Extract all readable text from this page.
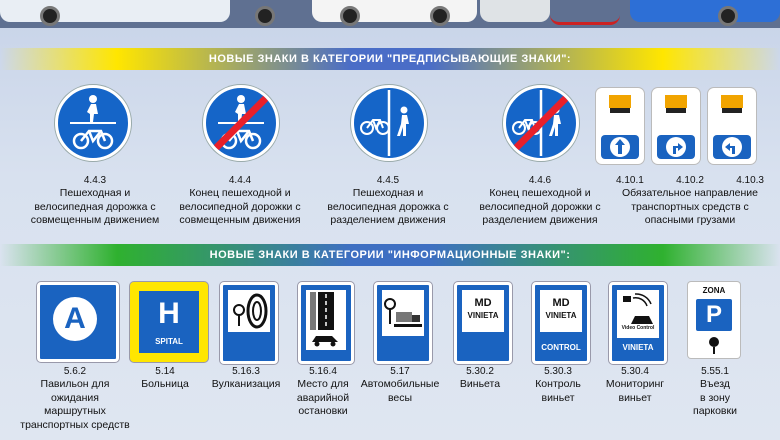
НОВЫЕ ЗНАКИ В КАТЕГОРИИ "ПРЕДПИСЫВАЮЩИЕ ЗНАКИ":
НОВЫЕ ЗНАКИ В КАТЕГОРИИ "ИНФОРМАЦИОННЫЕ ЗНАКИ":
4.4.3
Пешеходная и
велосипедная дорожка с
совмещенным движением
4.4.4
Конец пешеходной и
велосипедной дорожки с
совмещенным движения
4.4.5
Пешеходная и
велосипедная дорожка с
разделением движения
4.4.6
Конец пешеходной и
велосипедной дорожки с
разделением движения
4.10.1	4.10.2	4.10.3
Обязательное направление
транспортных средств с
опасными грузами
A
5.6.2
Павильон для
ожидания маршрутных
транспортных средств
H
SPITAL
5.14
Больница
5.16.3
Вулканизация
5.16.4
Место для
аварийной
остановки
5.17
Автомобильные
весы
MD
VINIETA
5.30.2
Виньета
MD
VINIETA
CONTROL
5.30.3
Контроль
виньет
Video Control
VINIETA
5.30.4
Мониторинг
виньет
ZONA
P
5.55.1
Въезд
в зону
парковки
